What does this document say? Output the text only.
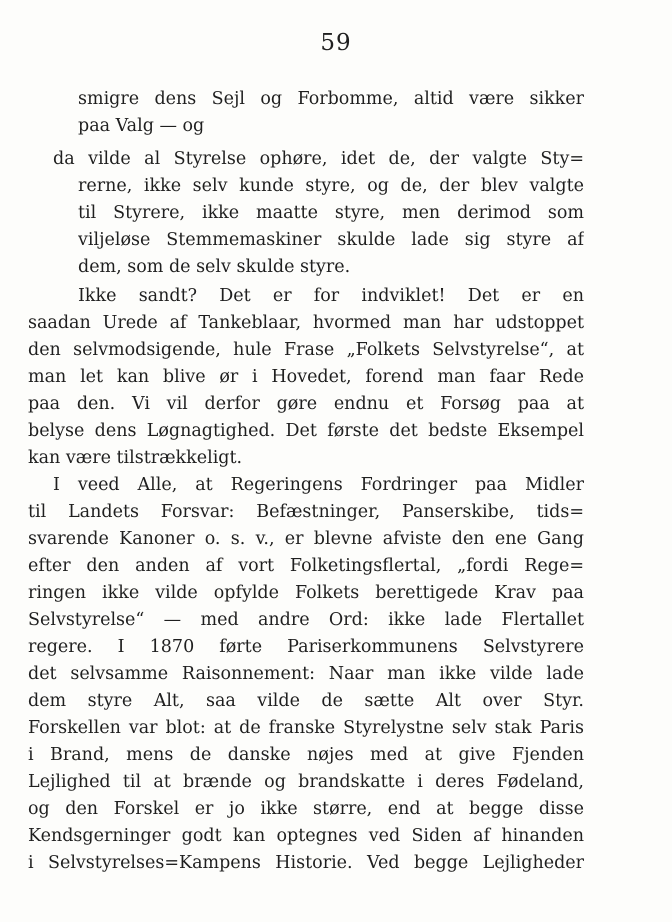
59
smigre dens Sejl og Forbomme, altid være sikker
paa Valg — og
da vilde al Styrelse ophøre, idet de, der valgte Sty=
rerne, ikke selv kunde styre, og de, der blev valgte
til Styrere, ikke maatte styre, men derimod som
viljeløse Stemmemaskiner skulde lade sig styre af
dem, som de selv skulde styre.
Ikke sandt? Det er for indviklet! Det er en
saadan Urede af Tankeblaar, hvormed man har udstoppet
den selvmodsigende, hule Frase „Folkets Selvstyrelse“, at
man let kan blive ør i Hovedet, forend man faar Rede
paa den. Vi vil derfor gøre endnu et Forsøg paa at
belyse dens Løgnagtighed. Det første det bedste Eksempel
kan være tilstrækkeligt.
I veed Alle, at Regeringens Fordringer paa Midler
til Landets Forsvar: Befæstninger, Panserskibe, tids=
svarende Kanoner o. s. v., er blevne afviste den ene Gang
efter den anden af vort Folketingsflertal, „fordi Rege=
ringen ikke vilde opfylde Folkets berettigede Krav paa
Selvstyrelse“ — med andre Ord: ikke lade Flertallet
regere. I 1870 førte Pariserkommunens Selvstyrere
det selvsamme Raisonnement: Naar man ikke vilde lade
dem styre Alt, saa vilde de sætte Alt over Styr.
Forskellen var blot: at de franske Styrelystne selv stak Paris
i Brand, mens de danske nøjes med at give Fjenden
Lejlighed til at brænde og brandskatte i deres Fødeland,
og den Forskel er jo ikke større, end at begge disse
Kendsgerninger godt kan optegnes ved Siden af hinanden
i Selvstyrelses=Kampens Historie. Ved begge Lejligheder
